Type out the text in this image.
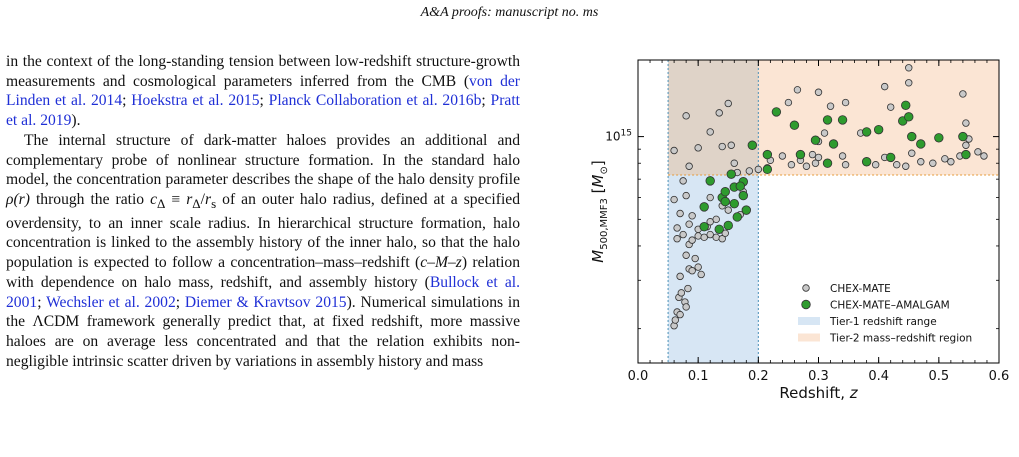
A&A proofs: manuscript no. ms

in the context of the long-standing tension between low-redshift structure-growth measurements and cosmological parameters inferred from the CMB (von der Linden et al. 2014; Hoekstra et al. 2015; Planck Collaboration et al. 2016b; Pratt et al. 2019).

The internal structure of dark-matter haloes provides an additional and complementary probe of nonlinear structure formation. In the standard halo model, the concentration parameter describes the shape of the halo density profile ρ(r) through the ratio $c_\Delta \equiv r_\Delta/r_s$ of an outer halo radius, defined at a specified overdensity, to an inner scale radius. In hierarchical structure formation, halo concentration is linked to the assembly history of the inner halo, so that the halo population is expected to follow a concentration–mass–redshift (c–M–z) relation with dependence on halo mass, redshift, and assembly history (Bullock et al. 2001; Wechsler et al. 2002; Diemer & Kravtsov 2015). Numerical simulations in the ΛCDM framework generally predict that, at fixed redshift, more massive haloes are on average less concentrated and that the relation exhibits non-negligible intrinsic scatter driven by variations in assembly history and mass

0.0	0.1	0.2	0.3	0.4	0.5	0.6
$10^{15}$
Redshift, z
$M_{500,MMF3}$ $[M_⊙]$
CHEX-MATE
CHEX-MATE–AMALGAM
Tier-1 redshift range
Tier-2 mass–redshift region
